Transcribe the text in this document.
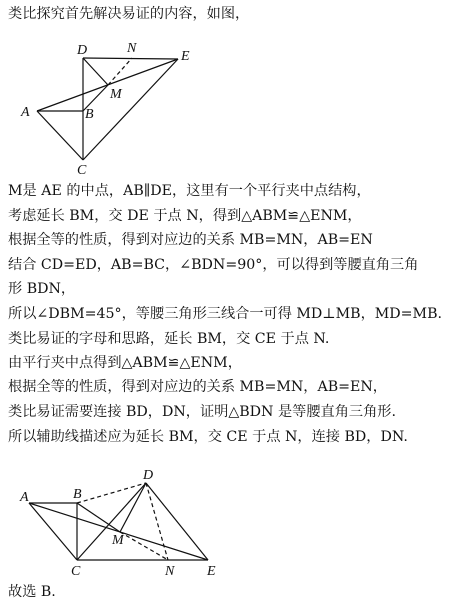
类比探究首先解决易证的内容，如图，
D	N
E
M
A	B
C
M是 AE 的中点，AB∥DE，这里有一个平行夹中点结构，
考虑延长 BM，交 DE 于点 N，得到△ABM≌△ENM，
根据全等的性质，得到对应边的关系 MB=MN，AB=EN
结合 CD=ED，AB=BC，∠BDN=90°，可以得到等腰直角三角
形 BDN，
所以∠DBM=45°，等腰三角形三线合一可得 MD⊥MB，MD=MB.
类比易证的字母和思路，延长 BM，交 CE 于点 N.
由平行夹中点得到△ABM≌△ENM，
根据全等的性质，得到对应边的关系 MB=MN，AB=EN，
类比易证需要连接 BD，DN，证明△BDN 是等腰直角三角形.
所以辅助线描述应为延长 BM，交 CE 于点 N，连接 BD，DN.
A	B
D
M
C	N E
故选 B.
